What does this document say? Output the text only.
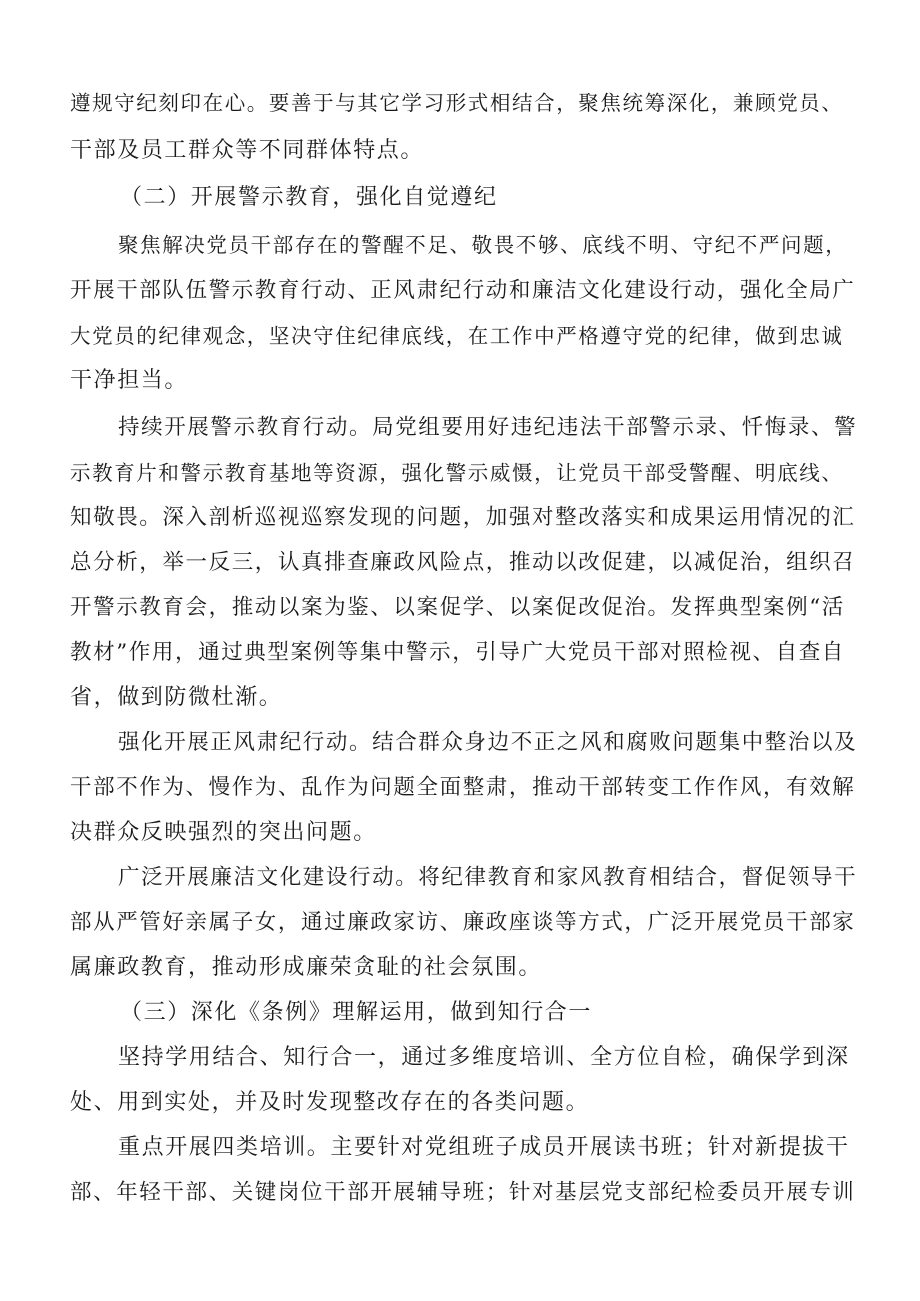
遵规守纪刻印在心。要善于与其它学习形式相结合，聚焦统筹深化，兼顾党员、
干部及员工群众等不同群体特点。
（二）开展警示教育，强化自觉遵纪
聚焦解决党员干部存在的警醒不足、敬畏不够、底线不明、守纪不严问题，
开展干部队伍警示教育行动、正风肃纪行动和廉洁文化建设行动，强化全局广
大党员的纪律观念，坚决守住纪律底线，在工作中严格遵守党的纪律，做到忠诚
干净担当。
持续开展警示教育行动。局党组要用好违纪违法干部警示录、忏悔录、警
示教育片和警示教育基地等资源，强化警示威慑，让党员干部受警醒、明底线、
知敬畏。深入剖析巡视巡察发现的问题，加强对整改落实和成果运用情况的汇
总分析，举一反三，认真排查廉政风险点，推动以改促建，以减促治，组织召
开警示教育会，推动以案为鉴、以案促学、以案促改促治。发挥典型案例“活
教材”作用，通过典型案例等集中警示，引导广大党员干部对照检视、自查自
省，做到防微杜渐。
强化开展正风肃纪行动。结合群众身边不正之风和腐败问题集中整治以及
干部不作为、慢作为、乱作为问题全面整肃，推动干部转变工作作风，有效解
决群众反映强烈的突出问题。
广泛开展廉洁文化建设行动。将纪律教育和家风教育相结合，督促领导干
部从严管好亲属子女，通过廉政家访、廉政座谈等方式，广泛开展党员干部家
属廉政教育，推动形成廉荣贪耻的社会氛围。
（三）深化《条例》理解运用，做到知行合一
坚持学用结合、知行合一，通过多维度培训、全方位自检，确保学到深
处、用到实处，并及时发现整改存在的各类问题。
重点开展四类培训。主要针对党组班子成员开展读书班；针对新提拔干
部、年轻干部、关键岗位干部开展辅导班；针对基层党支部纪检委员开展专训
